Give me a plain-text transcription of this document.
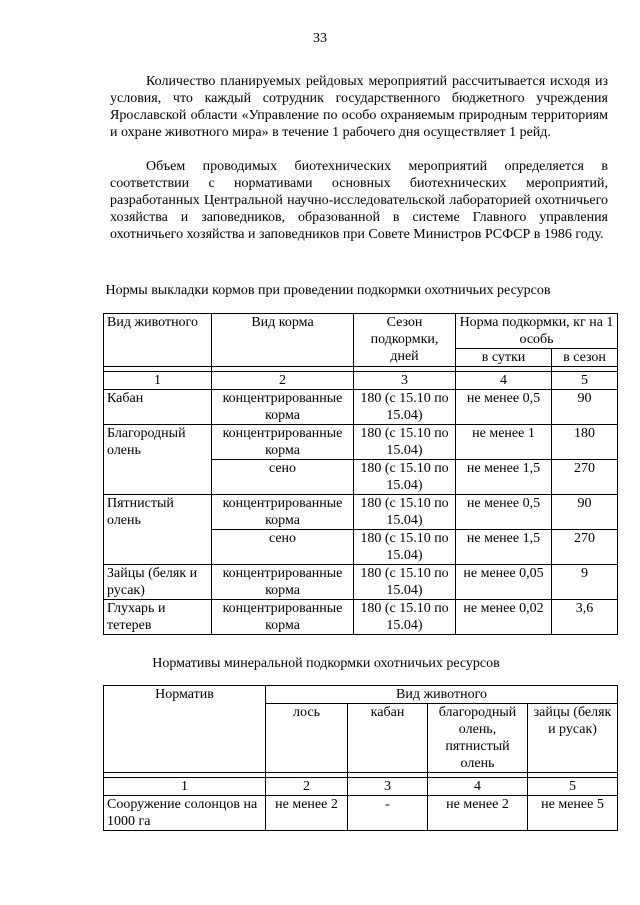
33
Количество планируемых рейдовых мероприятий рассчитывается исходя из условия, что каждый сотрудник государственного бюджетного учреждения Ярославской области «Управление по особо охраняемым природным территориям и охране животного мира» в течение 1 рабочего дня осуществляет 1 рейд.
Объем проводимых биотехнических мероприятий определяется в соответствии с нормативами основных биотехнических мероприятий, разработанных Центральной научно-исследовательской лабораторией охотничьего хозяйства и заповедников, образованной в системе Главного управления охотничьего хозяйства и заповедников при Совете Министров РСФСР в 1986 году.
Нормы выкладки кормов при проведении подкормки охотничьих ресурсов
Вид животного	Вид корма	Сезон подкормки, дней	Норма подкормки, кг на 1 особь	
			в сутки	в сезон

1	2	3	4	5
Кабан	концентрированные корма	180 (с 15.10 по 15.04)	не менее 0,5	90
Благородный олень	концентрированные корма	180 (с 15.10 по 15.04)	не менее 1	180
	сено	180 (с 15.10 по 15.04)	не менее 1,5	270
Пятнистый олень	концентрированные корма	180 (с 15.10 по 15.04)	не менее 0,5	90
	сено	180 (с 15.10 по 15.04)	не менее 1,5	270
Зайцы (беляк и русак)	концентрированные корма	180 (с 15.10 по 15.04)	не менее 0,05	9
Глухарь и тетерев	концентрированные корма	180 (с 15.10 по 15.04)	не менее 0,02	3,6
Нормативы минеральной подкормки охотничьих ресурсов
Норматив	Вид животного			
	лось	кабан	благородный олень, пятнистый олень	зайцы (беляк и русак)

1	2	3	4	5
Сооружение солонцов на 1000 га	не менее 2	-	не менее 2	не менее 5
